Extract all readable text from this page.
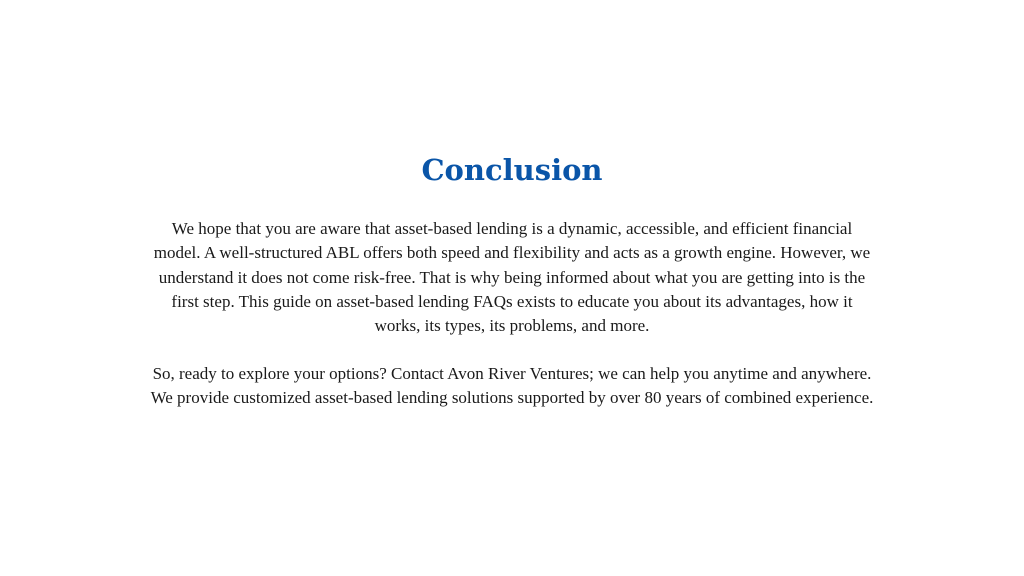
Conclusion

We hope that you are aware that asset-based lending is a dynamic, accessible, and efficient financial model. A well-structured ABL offers both speed and flexibility and acts as a growth engine. However, we understand it does not come risk-free. That is why being informed about what you are getting into is the first step. This guide on asset-based lending FAQs exists to educate you about its advantages, how it works, its types, its problems, and more.

So, ready to explore your options? Contact Avon River Ventures; we can help you anytime and anywhere. We provide customized asset-based lending solutions supported by over 80 years of combined experience.
